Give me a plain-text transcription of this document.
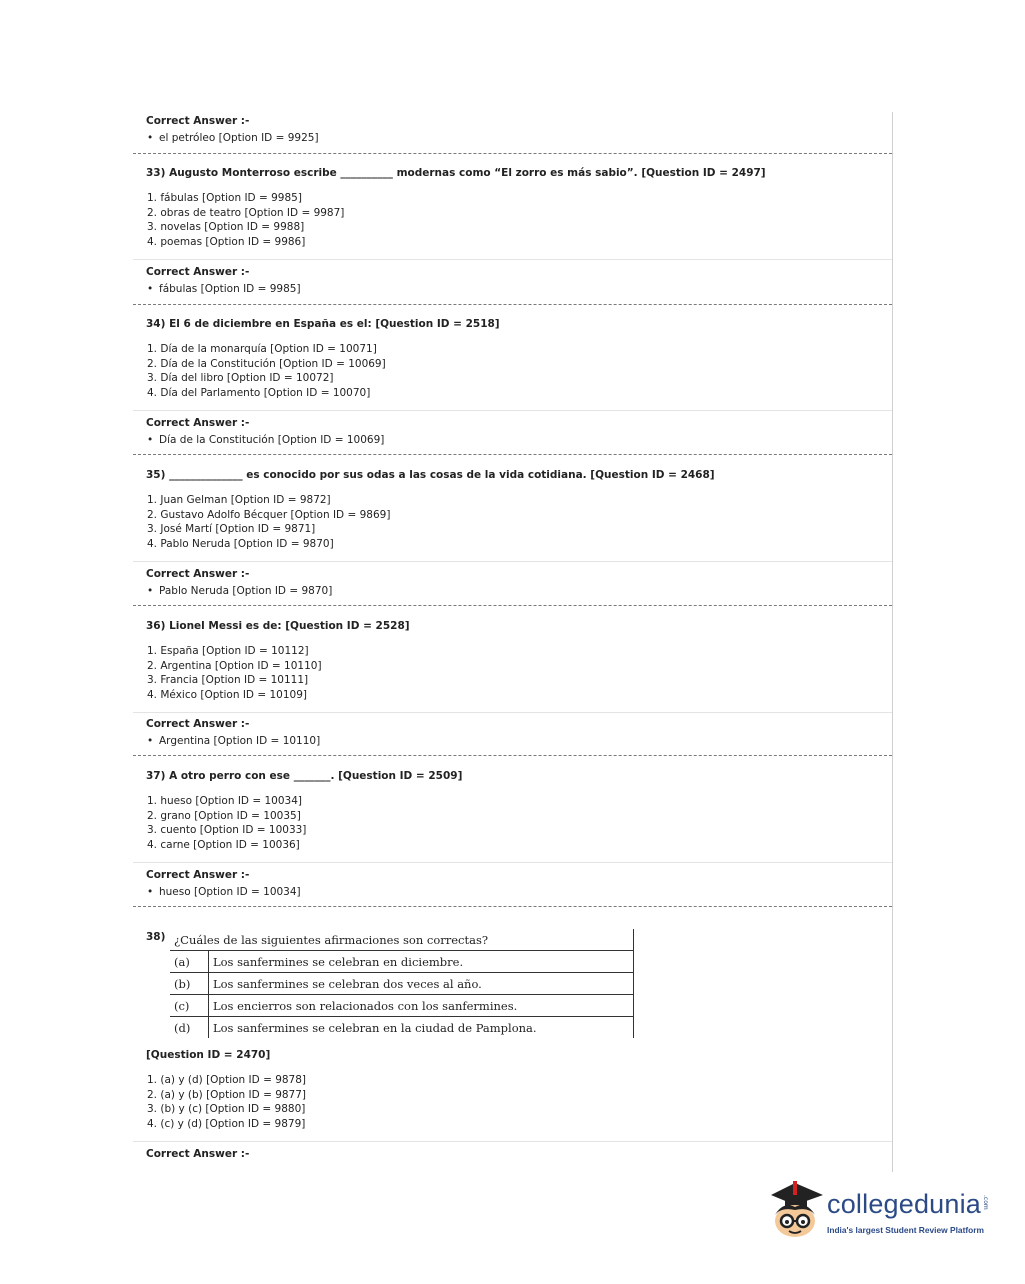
Correct Answer :-
• el petróleo [Option ID = 9925]
33) Augusto Monterroso escribe __________ modernas como “El zorro es más sabio”. [Question ID = 2497]
1. fábulas [Option ID = 9985]
2. obras de teatro [Option ID = 9987]
3. novelas [Option ID = 9988]
4. poemas [Option ID = 9986]
Correct Answer :-
• fábulas [Option ID = 9985]
34) El 6 de diciembre en España es el: [Question ID = 2518]
1. Día de la monarquía [Option ID = 10071]
2. Día de la Constitución [Option ID = 10069]
3. Día del libro [Option ID = 10072]
4. Día del Parlamento [Option ID = 10070]
Correct Answer :-
• Día de la Constitución [Option ID = 10069]
35) ______________ es conocido por sus odas a las cosas de la vida cotidiana. [Question ID = 2468]
1. Juan Gelman [Option ID = 9872]
2. Gustavo Adolfo Bécquer [Option ID = 9869]
3. José Martí [Option ID = 9871]
4. Pablo Neruda [Option ID = 9870]
Correct Answer :-
• Pablo Neruda [Option ID = 9870]
36) Lionel Messi es de: [Question ID = 2528]
1. España [Option ID = 10112]
2. Argentina [Option ID = 10110]
3. Francia [Option ID = 10111]
4. México [Option ID = 10109]
Correct Answer :-
• Argentina [Option ID = 10110]
37) A otro perro con ese _______. [Question ID = 2509]
1. hueso [Option ID = 10034]
2. grano [Option ID = 10035]
3. cuento [Option ID = 10033]
4. carne [Option ID = 10036]
Correct Answer :-
• hueso [Option ID = 10034]
38) ¿Cuáles de las siguientes afirmaciones son correctas?	
(a)	Los sanfermines se celebran en diciembre.
(b)	Los sanfermines se celebran dos veces al año.
(c)	Los encierros son relacionados con los sanfermines.
(d)	Los sanfermines se celebran en la ciudad de Pamplona.
[Question ID = 2470]
1. (a) y (d) [Option ID = 9878]
2. (a) y (b) [Option ID = 9877]
3. (b) y (c) [Option ID = 9880]
4. (c) y (d) [Option ID = 9879]
Correct Answer :-
collegedunia .com
India's largest Student Review Platform
